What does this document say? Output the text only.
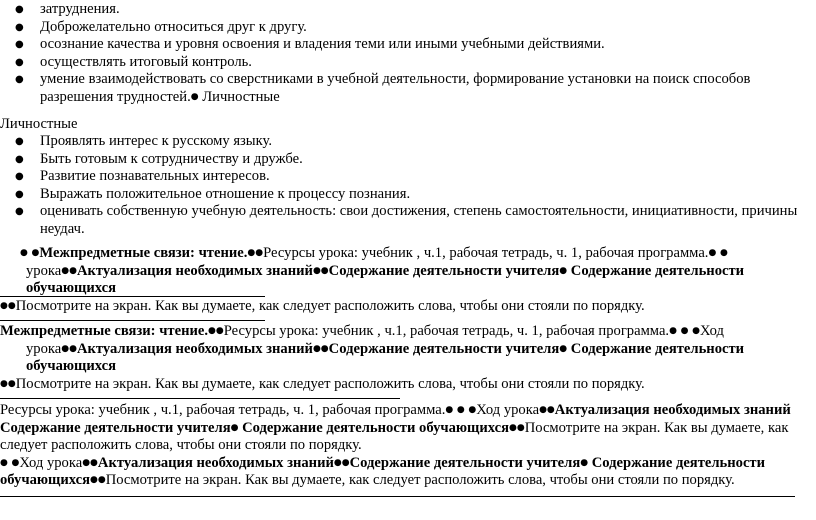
● затруднения.
● Доброжелательно относиться друг к другу.
● осознание качества и уровня освоения и владения теми или иными учебными действиями.
● осуществлять итоговый контроль.
● умение взаимодействовать со сверстниками в учебной деятельности, формирование установки на поиск способов разрешения трудностей.● Личностные
Личностные
● Проявлять интерес к русскому языку.
● Быть готовым к сотрудничеству и дружбе.
● Развитие познавательных интересов.
● Выражать положительное отношение к процессу познания.
● оценивать собственную учебную деятельность: свои достижения, степень самостоятельности, инициативности, причины неудач.
● ●Межпредметные связи: чтение.●●Ресурсы урока: учебник , ч.1, рабочая тетрадь, ч. 1, рабочая программа.● ●
урока●●Актуализация необходимых знаний●●Содержание деятельности учителя● Содержание деятельности обучающихся
●●Посмотрите на экран. Как вы думаете, как следует расположить слова, чтобы они стояли по порядку.
Межпредметные связи: чтение.●●Ресурсы урока: учебник , ч.1, рабочая тетрадь, ч. 1, рабочая программа.● ● ●Ход
урока●●Актуализация необходимых знаний●●Содержание деятельности учителя● Содержание деятельности обучающихся
●●Посмотрите на экран. Как вы думаете, как следует расположить слова, чтобы они стояли по порядку.
Ресурсы урока: учебник , ч.1, рабочая тетрадь, ч. 1, рабочая программа.● ● ●Ход урока●●Актуализация необходимых знаний Содержание деятельности учителя● Содержание деятельности обучающихся●●Посмотрите на экран. Как вы думаете, как следует расположить слова, чтобы они стояли по порядку.
● ●Ход урока●●Актуализация необходимых знаний●●Содержание деятельности учителя● Содержание деятельности обучающихся●●Посмотрите на экран. Как вы думаете, как следует расположить слова, чтобы они стояли по порядку.
